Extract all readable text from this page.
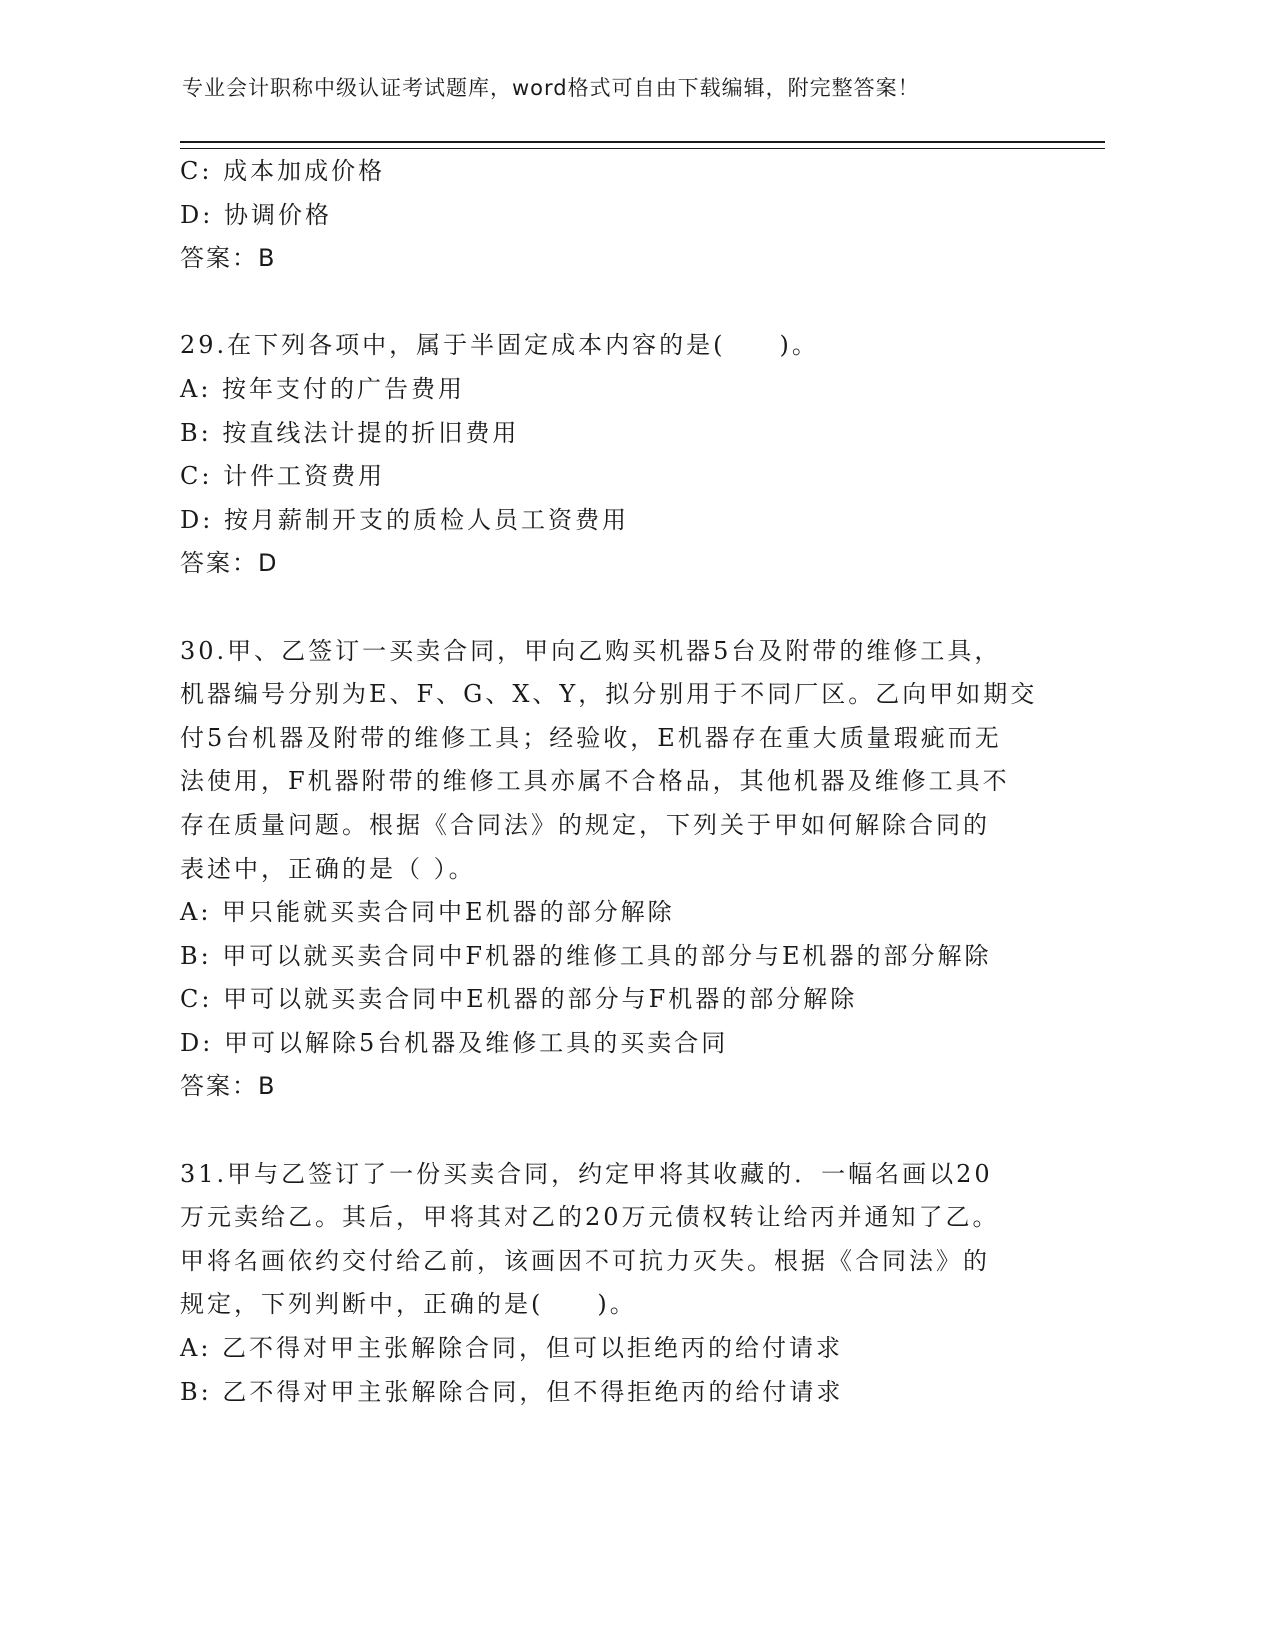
专业会计职称中级认证考试题库，word格式可自由下载编辑，附完整答案！
C: 成本加成价格
D: 协调价格
答案：B
29.在下列各项中，属于半固定成本内容的是(　　)。
A: 按年支付的广告费用
B: 按直线法计提的折旧费用
C: 计件工资费用
D: 按月薪制开支的质检人员工资费用
答案：D
30.甲、乙签订一买卖合同，甲向乙购买机器5台及附带的维修工具，
机器编号分别为E、F、G、X、Y，拟分别用于不同厂区。乙向甲如期交
付5台机器及附带的维修工具；经验收，E机器存在重大质量瑕疵而无
法使用，F机器附带的维修工具亦属不合格品，其他机器及维修工具不
存在质量问题。根据《合同法》的规定，下列关于甲如何解除合同的
表述中，正确的是（ ）。
A: 甲只能就买卖合同中E机器的部分解除
B: 甲可以就买卖合同中F机器的维修工具的部分与E机器的部分解除
C: 甲可以就买卖合同中E机器的部分与F机器的部分解除
D: 甲可以解除5台机器及维修工具的买卖合同
答案：B
31.甲与乙签订了一份买卖合同，约定甲将其收藏的．一幅名画以20
万元卖给乙。其后，甲将其对乙的20万元债权转让给丙并通知了乙。
甲将名画依约交付给乙前，该画因不可抗力灭失。根据《合同法》的
规定，下列判断中，正确的是(　　)。
A: 乙不得对甲主张解除合同，但可以拒绝丙的给付请求
B: 乙不得对甲主张解除合同，但不得拒绝丙的给付请求
